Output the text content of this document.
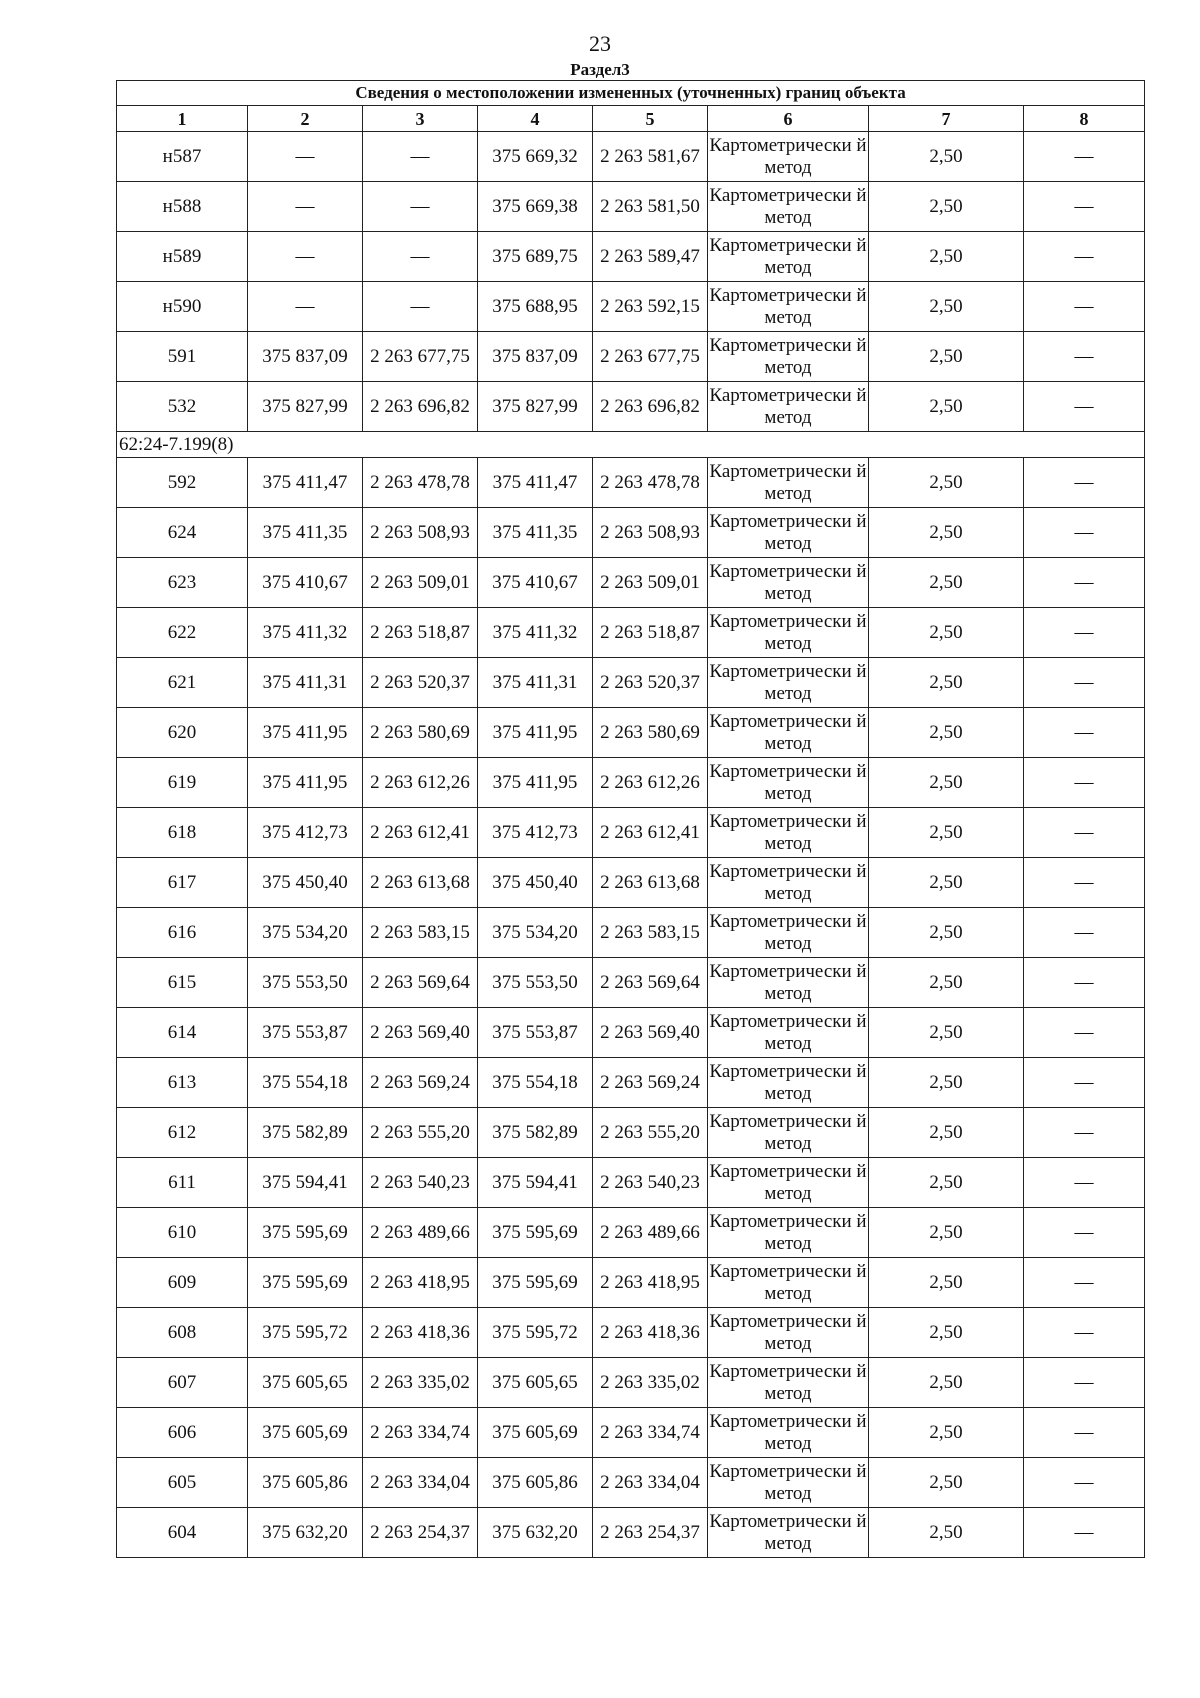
23
Раздел3
Сведения о местоположении измененных (уточненных) границ объекта							
1	2	3	4	5	6	7	8
н587	—	—	375 669,32	2 263 581,67	Картометрически й метод	2,50	—
н588	—	—	375 669,38	2 263 581,50	Картометрически й метод	2,50	—
н589	—	—	375 689,75	2 263 589,47	Картометрически й метод	2,50	—
н590	—	—	375 688,95	2 263 592,15	Картометрически й метод	2,50	—
591	375 837,09	2 263 677,75	375 837,09	2 263 677,75	Картометрически й метод	2,50	—
532	375 827,99	2 263 696,82	375 827,99	2 263 696,82	Картометрически й метод	2,50	—
62:24-7.199(8)							
592	375 411,47	2 263 478,78	375 411,47	2 263 478,78	Картометрически й метод	2,50	—
624	375 411,35	2 263 508,93	375 411,35	2 263 508,93	Картометрически й метод	2,50	—
623	375 410,67	2 263 509,01	375 410,67	2 263 509,01	Картометрически й метод	2,50	—
622	375 411,32	2 263 518,87	375 411,32	2 263 518,87	Картометрически й метод	2,50	—
621	375 411,31	2 263 520,37	375 411,31	2 263 520,37	Картометрически й метод	2,50	—
620	375 411,95	2 263 580,69	375 411,95	2 263 580,69	Картометрически й метод	2,50	—
619	375 411,95	2 263 612,26	375 411,95	2 263 612,26	Картометрически й метод	2,50	—
618	375 412,73	2 263 612,41	375 412,73	2 263 612,41	Картометрически й метод	2,50	—
617	375 450,40	2 263 613,68	375 450,40	2 263 613,68	Картометрически й метод	2,50	—
616	375 534,20	2 263 583,15	375 534,20	2 263 583,15	Картометрически й метод	2,50	—
615	375 553,50	2 263 569,64	375 553,50	2 263 569,64	Картометрически й метод	2,50	—
614	375 553,87	2 263 569,40	375 553,87	2 263 569,40	Картометрически й метод	2,50	—
613	375 554,18	2 263 569,24	375 554,18	2 263 569,24	Картометрически й метод	2,50	—
612	375 582,89	2 263 555,20	375 582,89	2 263 555,20	Картометрически й метод	2,50	—
611	375 594,41	2 263 540,23	375 594,41	2 263 540,23	Картометрически й метод	2,50	—
610	375 595,69	2 263 489,66	375 595,69	2 263 489,66	Картометрически й метод	2,50	—
609	375 595,69	2 263 418,95	375 595,69	2 263 418,95	Картометрически й метод	2,50	—
608	375 595,72	2 263 418,36	375 595,72	2 263 418,36	Картометрически й метод	2,50	—
607	375 605,65	2 263 335,02	375 605,65	2 263 335,02	Картометрически й метод	2,50	—
606	375 605,69	2 263 334,74	375 605,69	2 263 334,74	Картометрически й метод	2,50	—
605	375 605,86	2 263 334,04	375 605,86	2 263 334,04	Картометрически й метод	2,50	—
604	375 632,20	2 263 254,37	375 632,20	2 263 254,37	Картометрически й метод	2,50	—
